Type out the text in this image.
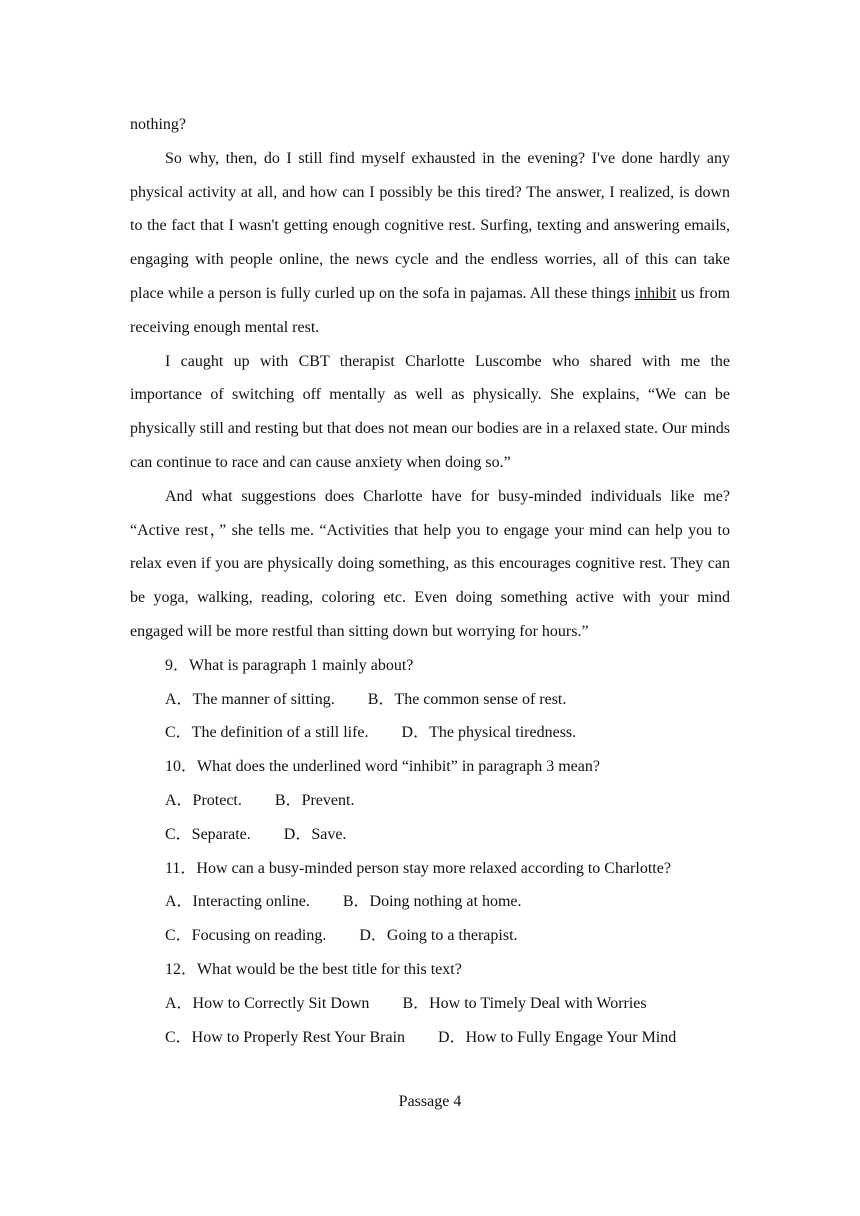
nothing?

So why, then, do I still find myself exhausted in the evening? I've done hardly any physical activity at all, and how can I possibly be this tired? The answer, I realized, is down to the fact that I wasn't getting enough cognitive rest. Surfing, texting and answering emails, engaging with people online, the news cycle and the endless worries, all of this can take place while a person is fully curled up on the sofa in pajamas. All these things inhibit us from receiving enough mental rest.

I caught up with CBT therapist Charlotte Luscombe who shared with me the importance of switching off mentally as well as physically. She explains, “We can be physically still and resting but that does not mean our bodies are in a relaxed state. Our minds can continue to race and can cause anxiety when doing so.”

And what suggestions does Charlotte have for busy-minded individuals like me? “Active rest，” she tells me. “Activities that help you to engage your mind can help you to relax even if you are physically doing something, as this encourages cognitive rest. They can be yoga, walking, reading, coloring etc. Even doing something active with your mind engaged will be more restful than sitting down but worrying for hours.”

9．What is paragraph 1 mainly about?

A．The manner of sitting. B．The common sense of rest.

C．The definition of a still life. D．The physical tiredness.

10．What does the underlined word “inhibit” in paragraph 3 mean?

A．Protect. B．Prevent.

C．Separate. D．Save.

11．How can a busy-minded person stay more relaxed according to Charlotte?

A．Interacting online. B．Doing nothing at home.

C．Focusing on reading. D．Going to a therapist.

12．What would be the best title for this text?

A．How to Correctly Sit Down B．How to Timely Deal with Worries

C．How to Properly Rest Your Brain D．How to Fully Engage Your Mind

Passage 4
